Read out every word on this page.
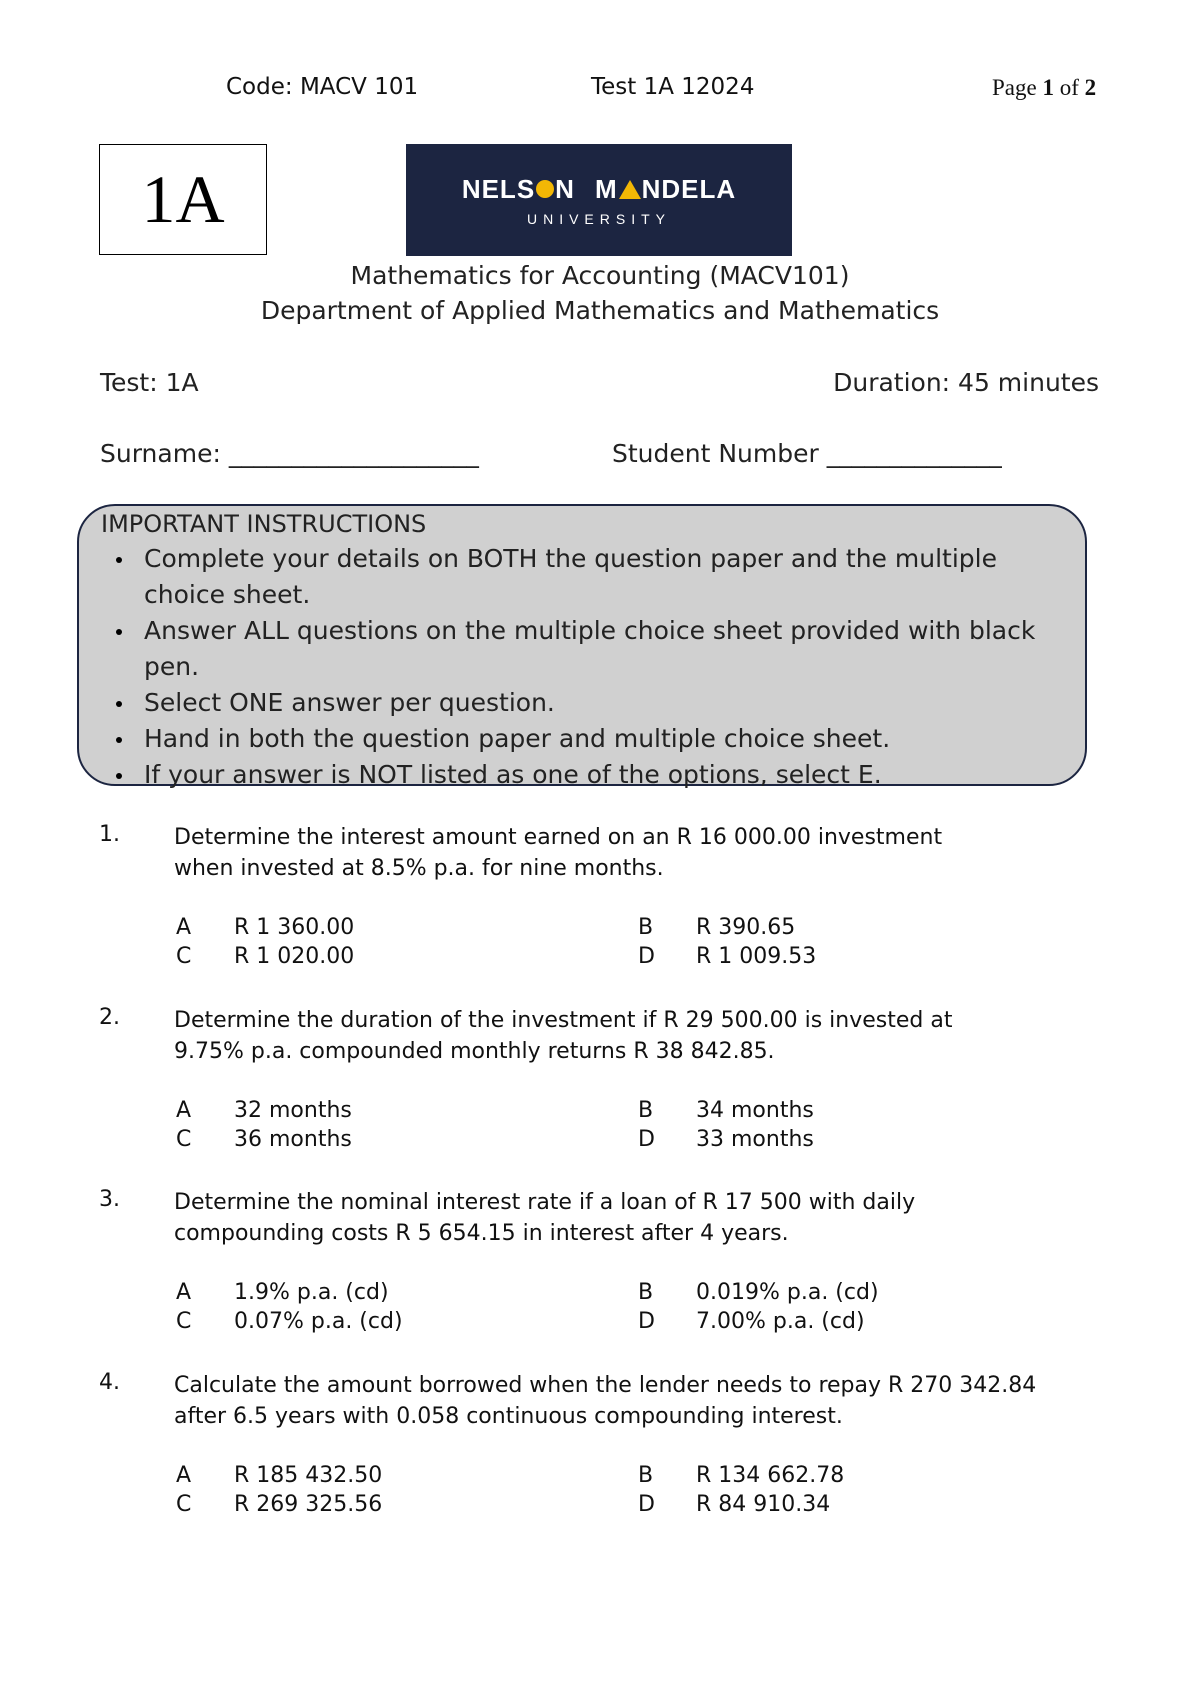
Code: MACV 101	Test 1A 12024	Page 1 of 2
1A	NELS N M NDELA
UNIVERSITY
Mathematics for Accounting (MACV101)
Department of Applied Mathematics and Mathematics
Test: 1A	Duration: 45 minutes
Surname: ____________________	Student Number ______________
IMPORTANT INSTRUCTIONS
Complete your details on BOTH the question paper and the multiple choice sheet.
Answer ALL questions on the multiple choice sheet provided with black pen.
Select ONE answer per question.
Hand in both the question paper and multiple choice sheet.
If your answer is NOT listed as one of the options, select E.
1. Determine the interest amount earned on an R 16 000.00 investment
when invested at 8.5% p.a. for nine months.
A R 1 360.00	B R 390.65
C R 1 020.00	D R 1 009.53
2. Determine the duration of the investment if R 29 500.00 is invested at
9.75% p.a. compounded monthly returns R 38 842.85.
A 32 months	B 34 months
C 36 months	D 33 months
3. Determine the nominal interest rate if a loan of R 17 500 with daily
compounding costs R 5 654.15 in interest after 4 years.
A 1.9% p.a. (cd)	B 0.019% p.a. (cd)
C 0.07% p.a. (cd)	D 7.00% p.a. (cd)
4. Calculate the amount borrowed when the lender needs to repay R 270 342.84
after 6.5 years with 0.058 continuous compounding interest.
A R 185 432.50	B R 134 662.78
C R 269 325.56	D R 84 910.34
